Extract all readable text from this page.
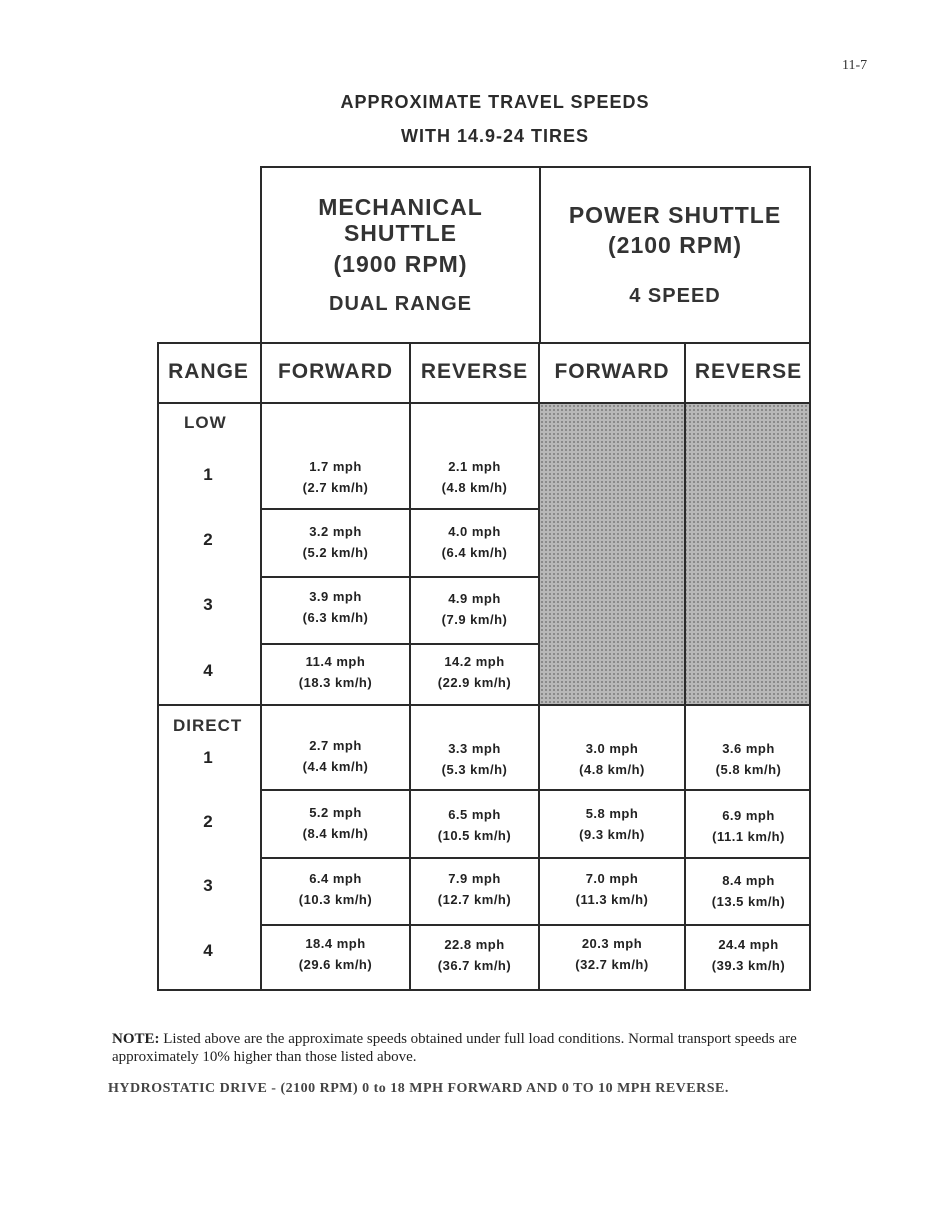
11-7
APPROXIMATE TRAVEL SPEEDS
WITH 14.9-24 TIRES
MECHANICAL
SHUTTLE
(1900 RPM)
DUAL RANGE
POWER SHUTTLE
(2100 RPM)
4 SPEED
RANGE	FORWARD	REVERSE	FORWARD	REVERSE
LOW
1	1.7 mph
(2.7 km/h)
2.1 mph
(4.8 km/h)
2	3.2 mph
(5.2 km/h)
4.0 mph
(6.4 km/h)
3	3.9 mph
(6.3 km/h)
4.9 mph
(7.9 km/h)
4	11.4 mph
(18.3 km/h)
14.2 mph
(22.9 km/h)
DIRECT
1
2.7 mph
(4.4 km/h)
3.3 mph
(5.3 km/h)
3.0 mph
(4.8 km/h)
3.6 mph
(5.8 km/h)
2	5.2 mph
(8.4 km/h)
6.5 mph
(10.5 km/h)
5.8 mph
(9.3 km/h)
6.9 mph
(11.1 km/h)
3	6.4 mph
(10.3 km/h)
7.9 mph
(12.7 km/h)
7.0 mph
(11.3 km/h)
8.4 mph
(13.5 km/h)
4	18.4 mph
(29.6 km/h)
22.8 mph
(36.7 km/h)
20.3 mph
(32.7 km/h)
24.4 mph
(39.3 km/h)
NOTE: Listed above are the approximate speeds obtained under full load conditions. Normal transport speeds are approximately 10% higher than those listed above.
HYDROSTATIC DRIVE - (2100 RPM) 0 to 18 MPH FORWARD AND 0 TO 10 MPH REVERSE.
